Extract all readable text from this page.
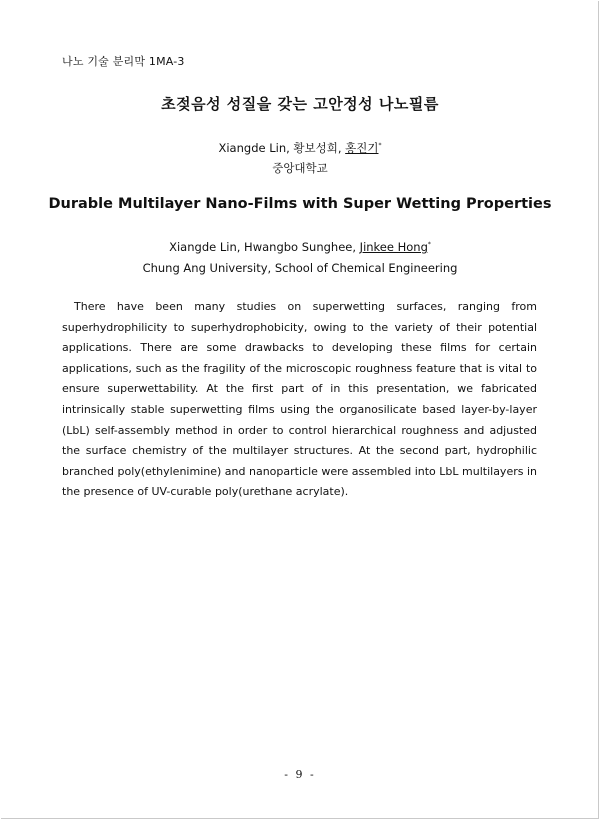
나노 기술 분리막 1MA-3
초젖음성 성질을 갖는 고안정성 나노필름
Xiangde Lin, 황보성희, 홍진기*
중앙대학교
Durable Multilayer Nano-Films with Super Wetting Properties
Xiangde Lin, Hwangbo Sunghee, Jinkee Hong*
Chung Ang University, School of Chemical Engineering

There have been many studies on superwetting surfaces, ranging from superhydrophilicity to superhydrophobicity, owing to the variety of their potential applications. There are some drawbacks to developing these films for certain applications, such as the fragility of the microscopic roughness feature that is vital to ensure superwettability. At the first part of in this presentation, we fabricated intrinsically stable superwetting films using the organosilicate based layer-by-layer (LbL) self-assembly method in order to control hierarchical roughness and adjusted the surface chemistry of the multilayer structures. At the second part, hydrophilic branched poly(ethylenimine) and nanoparticle were assembled into LbL multilayers in the presence of UV-curable poly(urethane acrylate).

- 9 -
